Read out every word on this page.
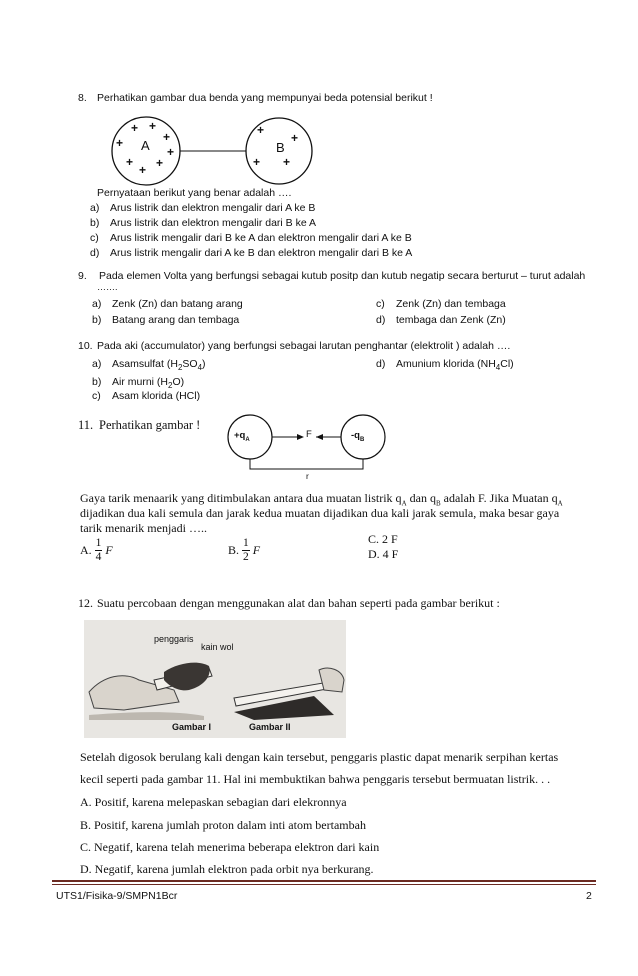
8. Perhatikan gambar dua benda yang mempunyai beda potensial berikut !
+ +
+
+
+
+ +
+
A
+
+
+ +
B
Pernyataan berikut yang benar adalah ….
a) Arus listrik dan elektron mengalir dari A ke B
b) Arus listrik dan elektron mengalir dari B ke A
c) Arus listrik mengalir dari B ke A dan elektron mengalir dari A ke B
d) Arus listrik mengalir dari A ke B dan elektron mengalir dari B ke A
9. Pada elemen Volta yang berfungsi sebagai kutub positp dan kutub negatip secara berturut – turut adalah
…….
a) Zenk (Zn) dan batang arang
b) Batang arang dan tembaga
c) Zenk (Zn) dan tembaga
d) tembaga dan Zenk (Zn)
10. Pada aki (accumulator) yang berfungsi sebagai larutan penghantar (elektrolit ) adalah ….
a) Asamsulfat $(H_2SO_4)$	d) Amunium klorida $(NH_4Cl)$
b) Air murni $(H_2O)$
c) Asam klorida (HCl)
11. Perhatikan gambar !
$+q_A$	F	$-q_B$
r
Gaya tarik menaarik yang ditimbulakan antara dua muatan listrik $q_A$ dan $q_B$ adalah F. Jika Muatan $q_A$
dijadikan dua kali semula dan jarak kedua muatan dijadikan dua kali jarak semula, maka besar gaya
tarik menarik menjadi …..
A. $\frac{1}{4}$ F	B. $\frac{1}{2}$ F
C. 2 F
D. 4 F
12. Suatu percobaan dengan menggunakan alat dan bahan seperti pada gambar berikut :
penggaris
kain wol
Gambar I	Gambar II
Setelah digosok berulang kali dengan kain tersebut, penggaris plastic dapat menarik serpihan kertas
kecil seperti pada gambar 11. Hal ini membuktikan bahwa penggaris tersebut bermuatan listrik. . .
A. Positif, karena melepaskan sebagian dari elekronnya
B. Positif, karena jumlah proton dalam inti atom bertambah
C. Negatif, karena telah menerima beberapa elektron dari kain
D. Negatif, karena jumlah elektron pada orbit nya berkurang.
UTS1/Fisika-9/SMPN1Bcr	2
